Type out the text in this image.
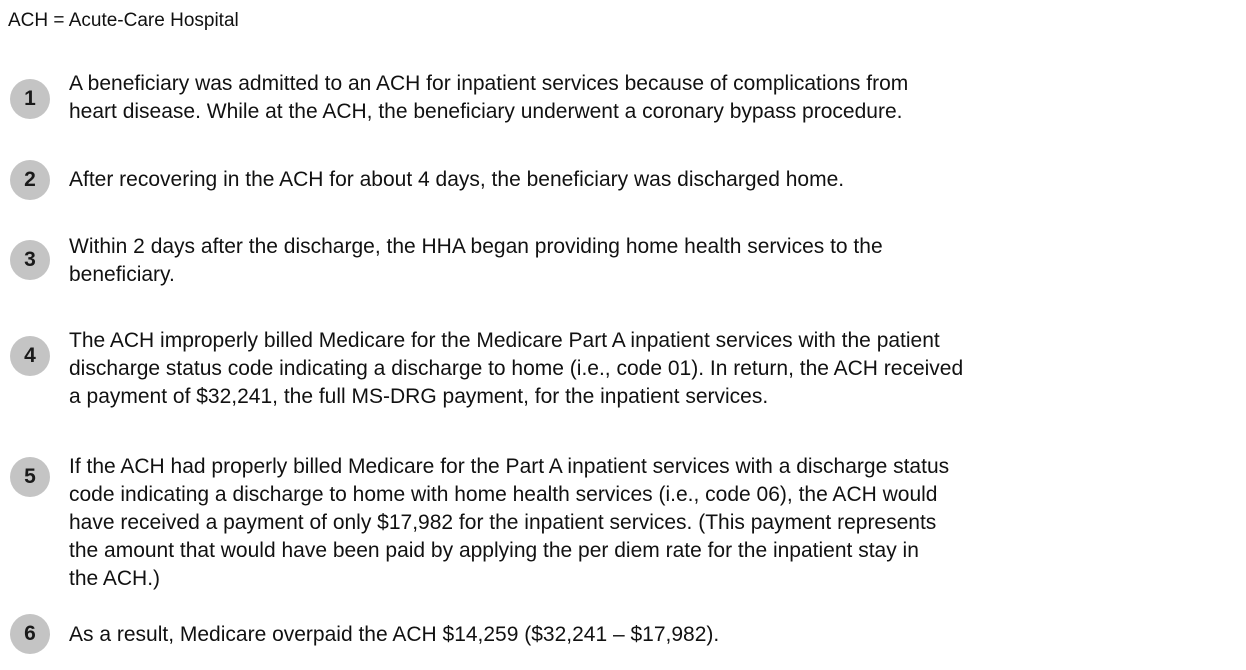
ACH = Acute-Care Hospital
1
A beneficiary was admitted to an ACH for inpatient services because of complications from
heart disease. While at the ACH, the beneficiary underwent a coronary bypass procedure.
2	After recovering in the ACH for about 4 days, the beneficiary was discharged home.
3
Within 2 days after the discharge, the HHA began providing home health services to the
beneficiary.
4
The ACH improperly billed Medicare for the Medicare Part A inpatient services with the patient
discharge status code indicating a discharge to home (i.e., code 01). In return, the ACH received
a payment of $32,241, the full MS-DRG payment, for the inpatient services.
5	If the ACH had properly billed Medicare for the Part A inpatient services with a discharge status
code indicating a discharge to home with home health services (i.e., code 06), the ACH would
have received a payment of only $17,982 for the inpatient services. (This payment represents
the amount that would have been paid by applying the per diem rate for the inpatient stay in
the ACH.)
6	As a result, Medicare overpaid the ACH $14,259 ($32,241 – $17,982).
